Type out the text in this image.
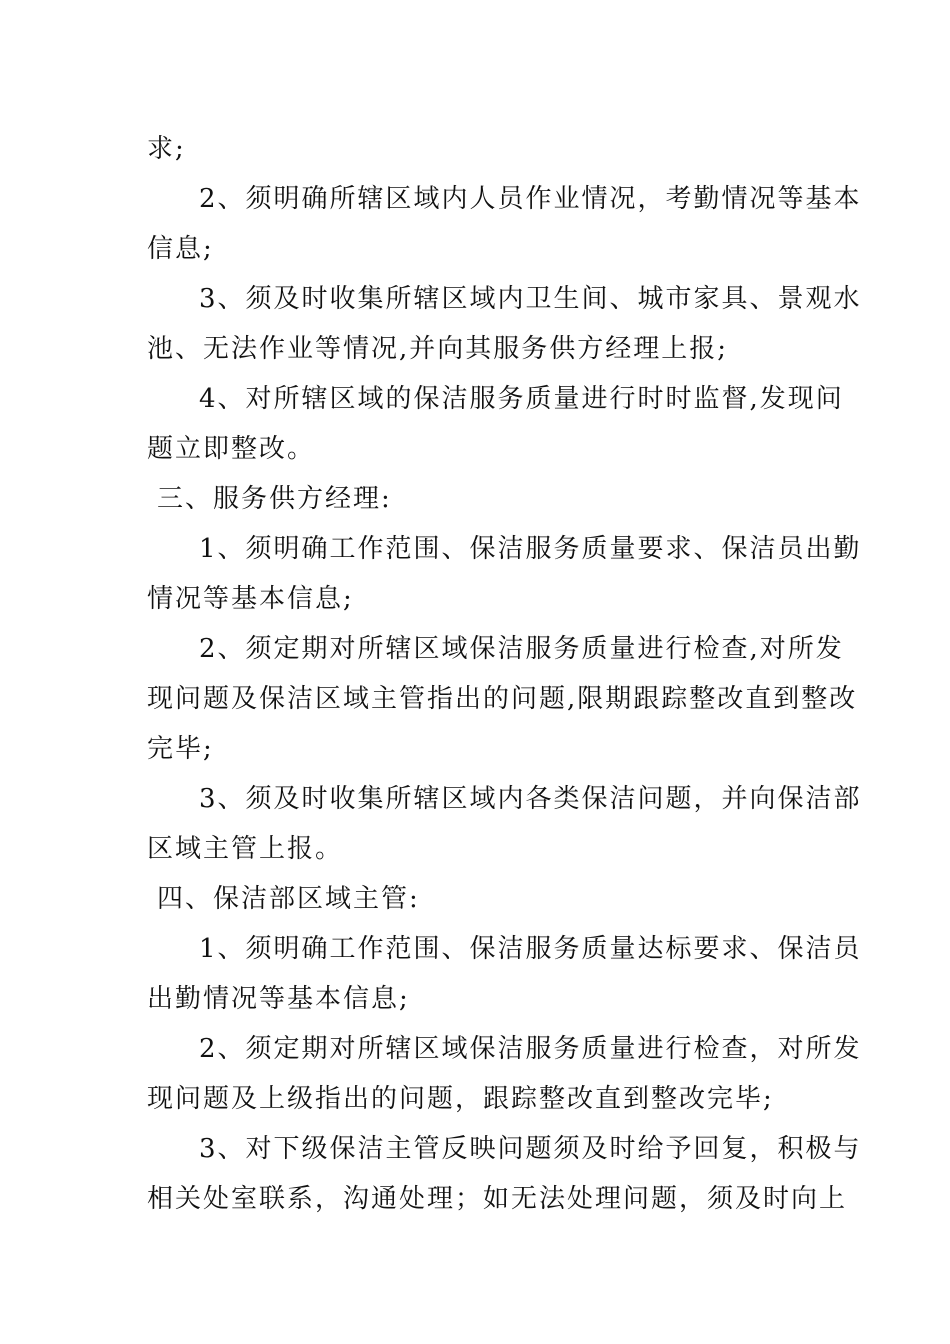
求;
2、须明确所辖区域内人员作业情况，考勤情况等基本
信息;
3、须及时收集所辖区域内卫生间、城市家具、景观水
池、无法作业等情况,并向其服务供方经理上报;
4、对所辖区域的保洁服务质量进行时时监督,发现问
题立即整改。
三、服务供方经理:
1、须明确工作范围、保洁服务质量要求、保洁员出勤
情况等基本信息;
2、须定期对所辖区域保洁服务质量进行检查,对所发
现问题及保洁区域主管指出的问题,限期跟踪整改直到整改
完毕;
3、须及时收集所辖区域内各类保洁问题，并向保洁部
区域主管上报。
四、保洁部区域主管:
1、须明确工作范围、保洁服务质量达标要求、保洁员
出勤情况等基本信息;
2、须定期对所辖区域保洁服务质量进行检查，对所发
现问题及上级指出的问题，跟踪整改直到整改完毕;
3、对下级保洁主管反映问题须及时给予回复，积极与
相关处室联系，沟通处理；如无法处理问题，须及时向上
